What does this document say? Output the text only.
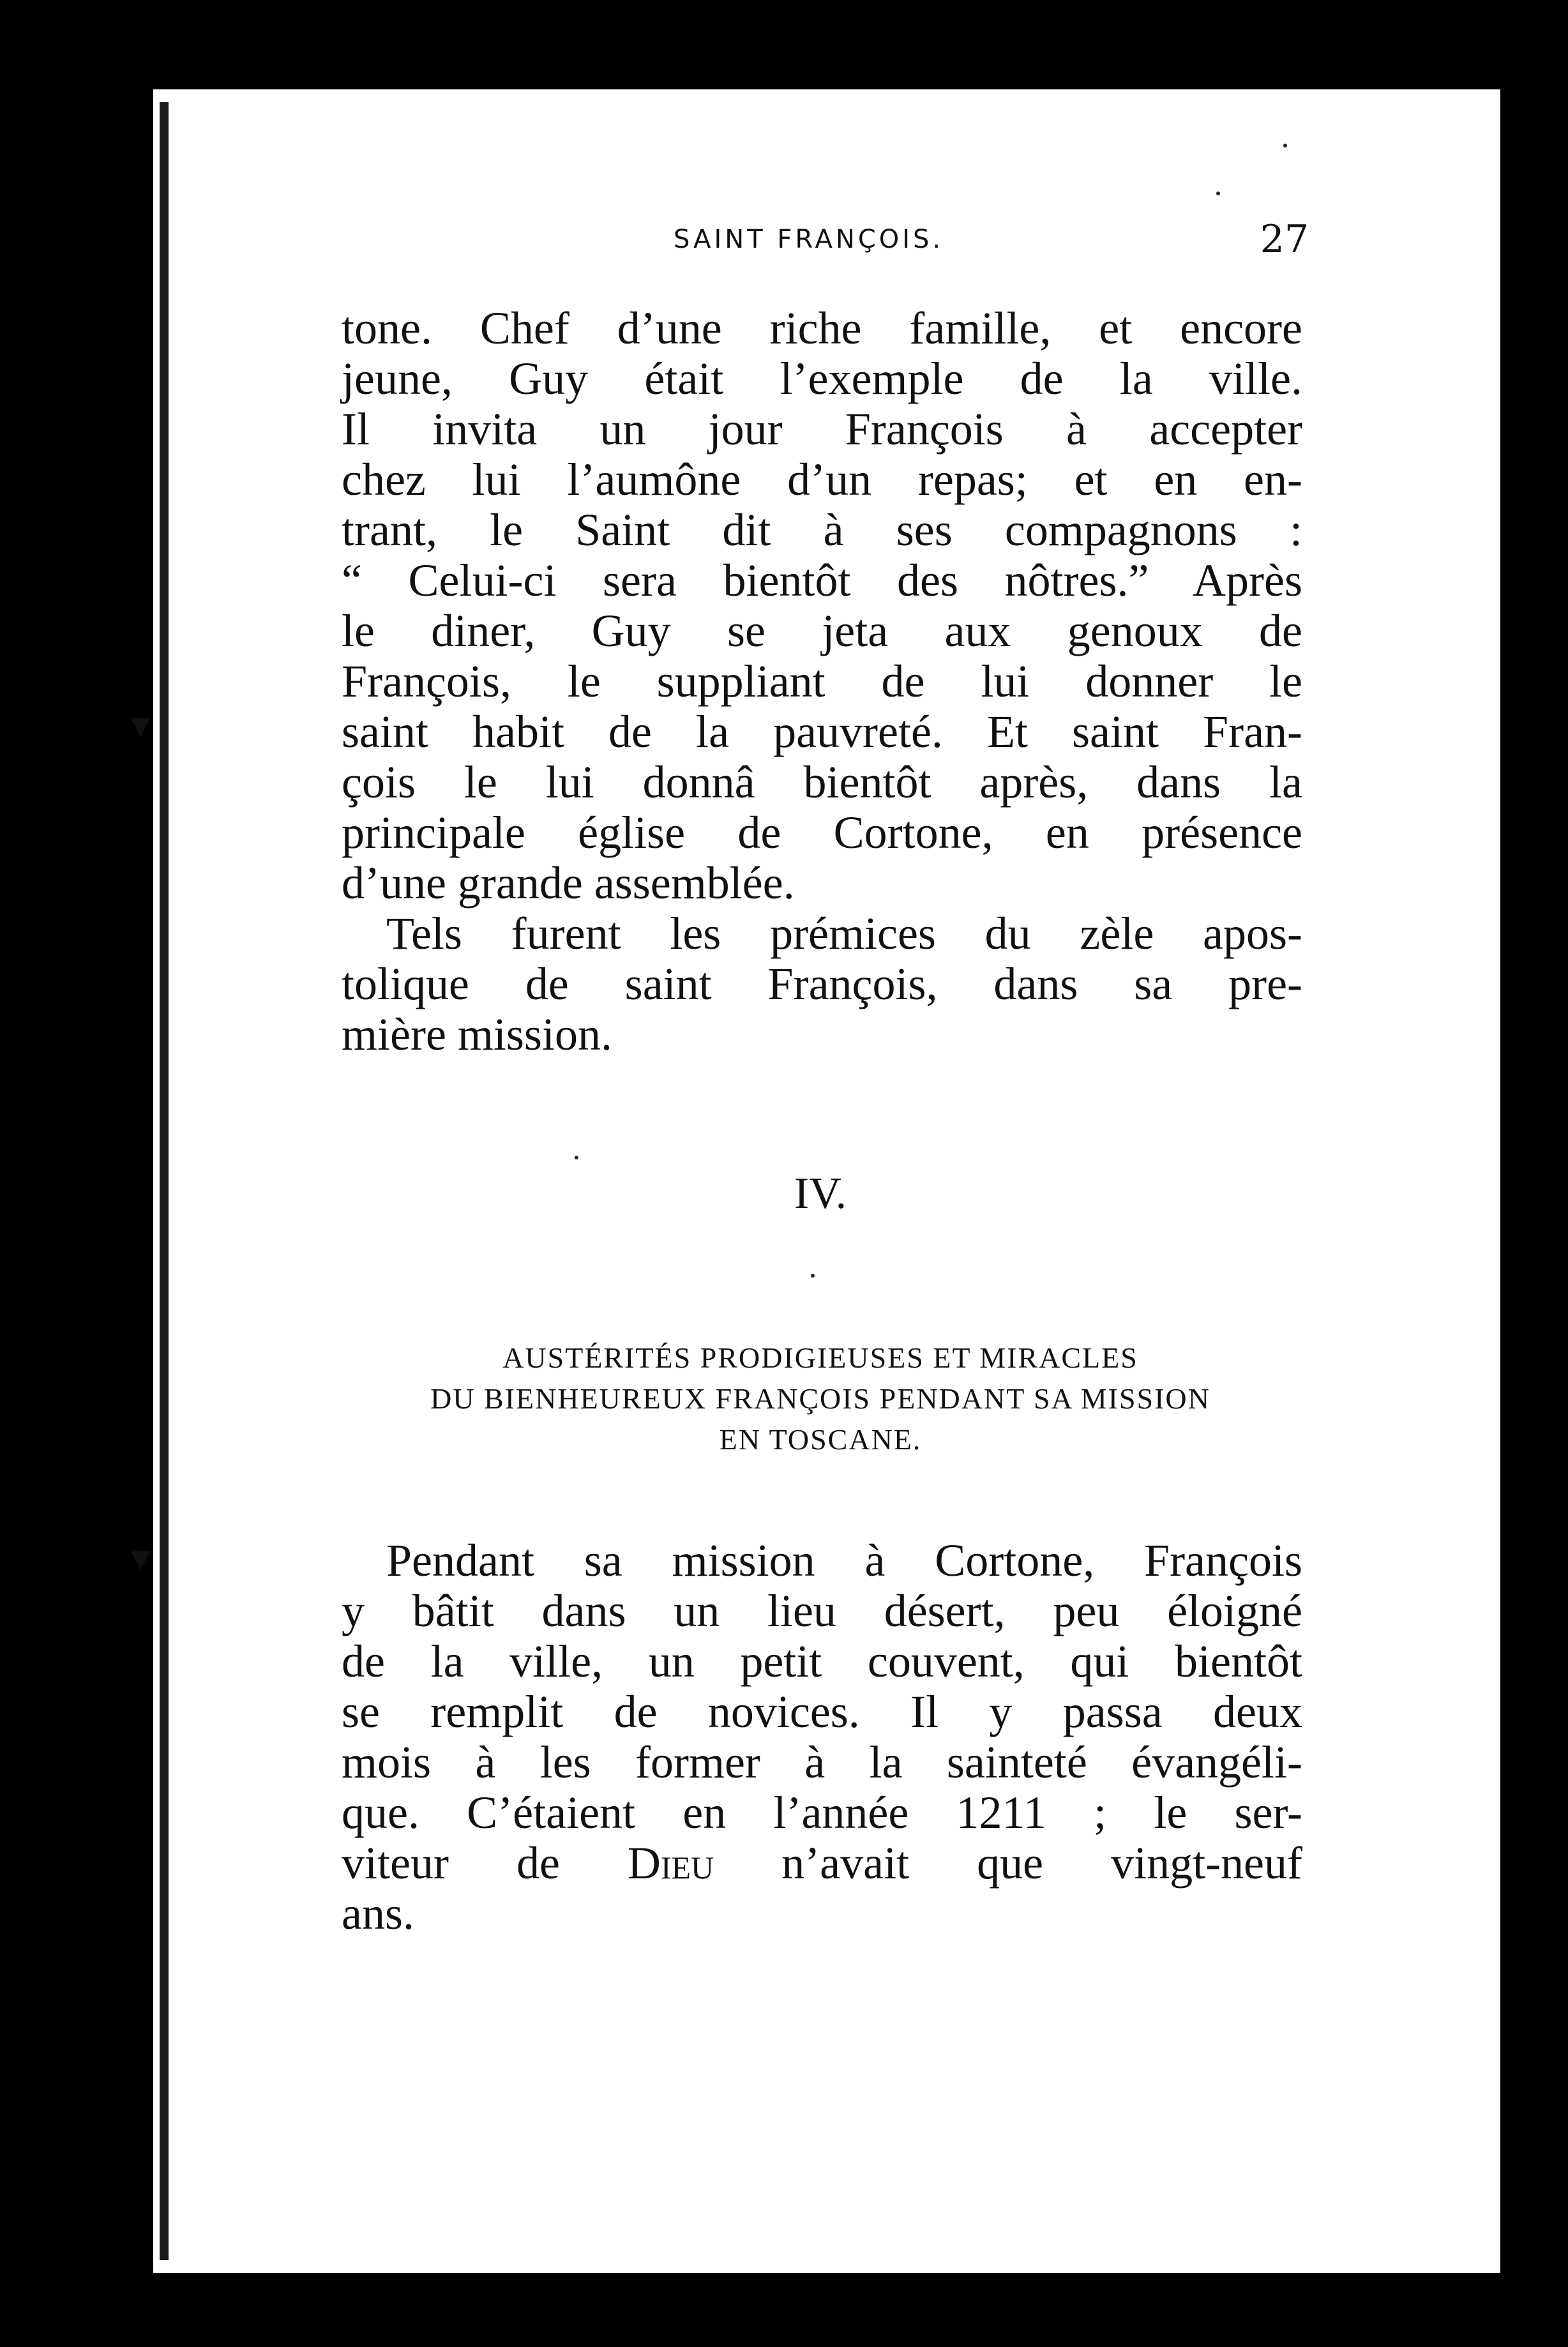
▾
▾
SAINT FRANÇOIS.	27
tone. Chef d’une riche famille, et encore
jeune, Guy était l’exemple de la ville.
Il invita un jour François à accepter
chez lui l’aumône d’un repas; et en en-
trant, le Saint dit à ses compagnons :
“ Celui-ci sera bientôt des nôtres.” Après
le diner, Guy se jeta aux genoux de
François, le suppliant de lui donner le
saint habit de la pauvreté. Et saint Fran-
çois le lui donnâ bientôt après, dans la
principale église de Cortone, en présence
d’une grande assemblée.
Tels furent les prémices du zèle apos-
tolique de saint François, dans sa pre-
mière mission.
IV.
AUSTÉRITÉS PRODIGIEUSES ET MIRACLES
DU BIENHEUREUX FRANÇOIS PENDANT SA MISSION
EN TOSCANE.
Pendant sa mission à Cortone, François
y bâtit dans un lieu désert, peu éloigné
de la ville, un petit couvent, qui bientôt
se remplit de novices. Il y passa deux
mois à les former à la sainteté évangéli-
que. C’étaient en l’année 1211 ; le ser-
viteur de Dieu n’avait que vingt-neuf
ans.
